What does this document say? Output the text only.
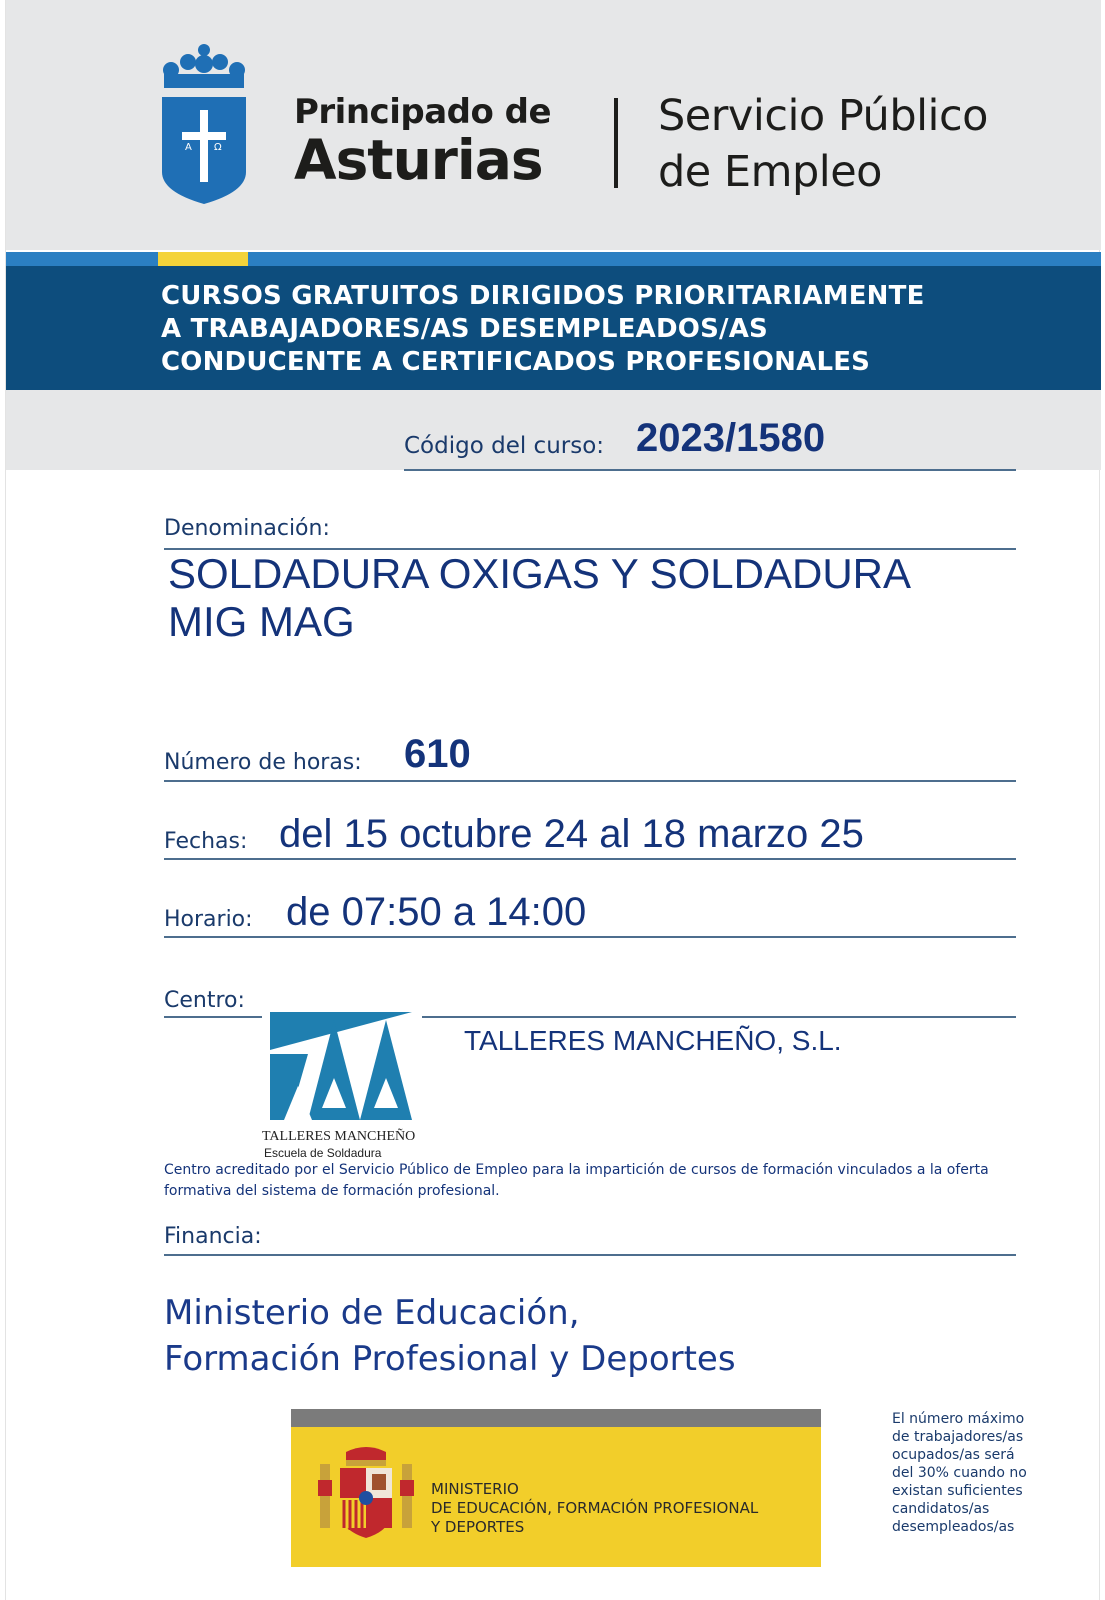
A Ω
Principado de
Asturias
Servicio Público
de Empleo
CURSOS GRATUITOS DIRIGIDOS PRIORITARIAMENTE
A TRABAJADORES/AS DESEMPLEADOS/AS
CONDUCENTE A CERTIFICADOS PROFESIONALES
Código del curso: 2023/1580
Denominación:
SOLDADURA OXIGAS Y SOLDADURA
MIG MAG
Número de horas: 610
Fechas: del 15 octubre 24 al 18 marzo 25
Horario: de 07:50 a 14:00
Centro:
TALLERES MANCHEÑO
Escuela de Soldadura
TALLERES MANCHEÑO, S.L.
Centro acreditado por el Servicio Público de Empleo para la impartición de cursos de formación vinculados a la oferta
formativa del sistema de formación profesional.
Financia:
Ministerio de Educación,
Formación Profesional y Deportes
MINISTERIO
DE EDUCACIÓN, FORMACIÓN PROFESIONAL
Y DEPORTES
El número máximo
de trabajadores/as
ocupados/as será
del 30% cuando no
existan suficientes
candidatos/as
desempleados/as
